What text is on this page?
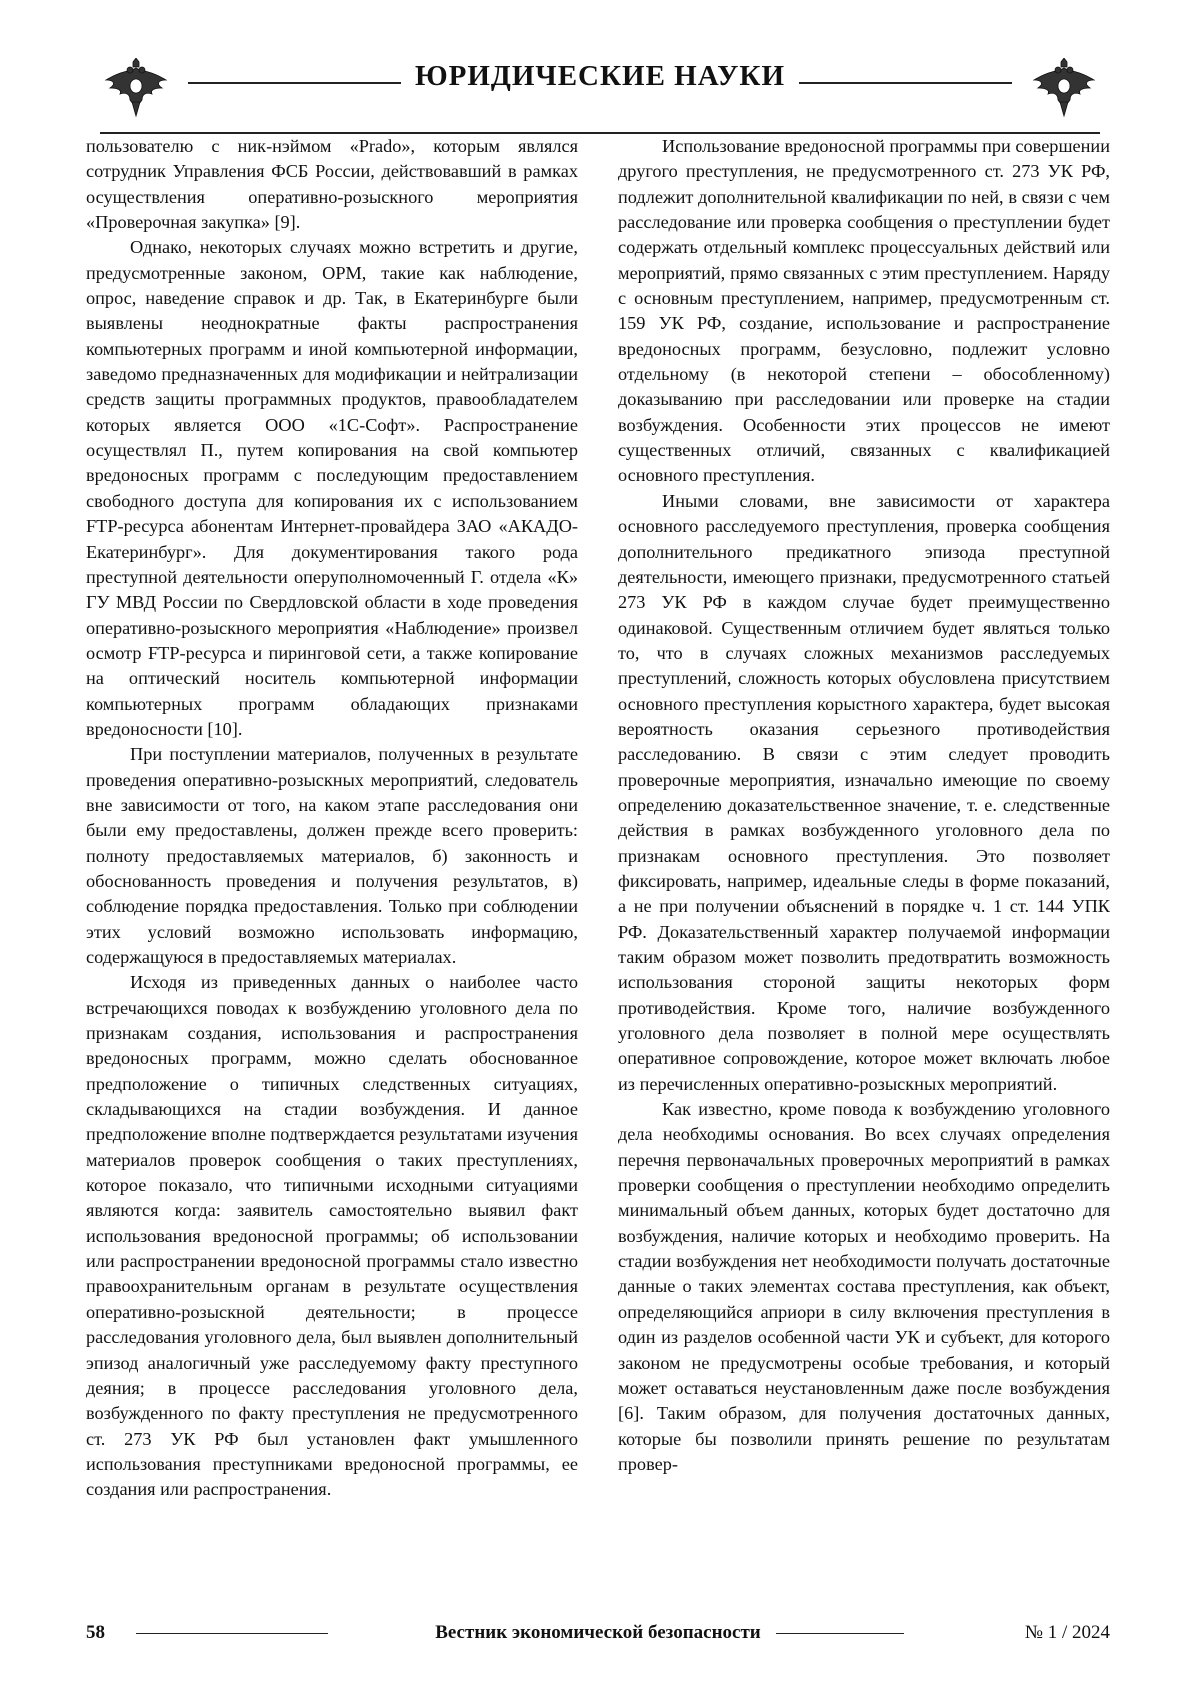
ЮРИДИЧЕСКИЕ НАУКИ

пользователю с ник-нэймом «Prado», которым являлся сотрудник Управления ФСБ России, действовавший в рамках осуществления оперативно-розыскного мероприятия «Проверочная закупка» [9].

Однако, некоторых случаях можно встретить и другие, предусмотренные законом, ОРМ, такие как наблюдение, опрос, наведение справок и др. Так, в Екатеринбурге были выявлены неоднократные факты распространения компьютерных программ и иной компьютерной информации, заведомо предназначенных для модификации и нейтрализации средств защиты программных продуктов, правообладателем которых является ООО «1С-Софт». Распространение осуществлял П., путем копирования на свой компьютер вредоносных программ с последующим предоставлением свободного доступа для копирования их с использованием FTP-ресурса абонентам Интернет-провайдера ЗАО «АКАДО-Екатеринбург». Для документирования такого рода преступной деятельности оперуполномоченный Г. отдела «К» ГУ МВД России по Свердловской области в ходе проведения оперативно-розыскного мероприятия «Наблюдение» произвел осмотр FTP-ресурса и пиринговой сети, а также копирование на оптический носитель компьютерной информации компьютерных программ обладающих признаками вредоносности [10].

При поступлении материалов, полученных в результате проведения оперативно-розыскных мероприятий, следователь вне зависимости от того, на каком этапе расследования они были ему предоставлены, должен прежде всего проверить: полноту предоставляемых материалов, б) законность и обоснованность проведения и получения результатов, в) соблюдение порядка предоставления. Только при соблюдении этих условий возможно использовать информацию, содержащуюся в предоставляемых материалах.

Исходя из приведенных данных о наиболее часто встречающихся поводах к возбуждению уголовного дела по признакам создания, использования и распространения вредоносных программ, можно сделать обоснованное предположение о типичных следственных ситуациях, складывающихся на стадии возбуждения. И данное предположение вполне подтверждается результатами изучения материалов проверок сообщения о таких преступлениях, которое показало, что типичными исходными ситуациями являются когда: заявитель самостоятельно выявил факт использования вредоносной программы; об использовании или распространении вредоносной программы стало известно правоохранительным органам в результате осуществления оперативно-розыскной деятельности; в процессе расследования уголовного дела, был выявлен дополнительный эпизод аналогичный уже расследуемому факту преступного деяния; в процессе расследования уголовного дела, возбужденного по факту преступления не предусмотренного ст. 273 УК РФ был установлен факт умышленного использования преступниками вредоносной программы, ее создания или распространения.

Использование вредоносной программы при совершении другого преступления, не предусмотренного ст. 273 УК РФ, подлежит дополнительной квалификации по ней, в связи с чем расследование или проверка сообщения о преступлении будет содержать отдельный комплекс процессуальных действий или мероприятий, прямо связанных с этим преступлением. Наряду с основным преступлением, например, предусмотренным ст. 159 УК РФ, создание, использование и распространение вредоносных программ, безусловно, подлежит условно отдельному (в некоторой степени – обособленному) доказыванию при расследовании или проверке на стадии возбуждения. Особенности этих процессов не имеют существенных отличий, связанных с квалификацией основного преступления.

Иными словами, вне зависимости от характера основного расследуемого преступления, проверка сообщения дополнительного предикатного эпизода преступной деятельности, имеющего признаки, предусмотренного статьей 273 УК РФ в каждом случае будет преимущественно одинаковой. Существенным отличием будет являться только то, что в случаях сложных механизмов расследуемых преступлений, сложность которых обусловлена присутствием основного преступления корыстного характера, будет высокая вероятность оказания серьезного противодействия расследованию. В связи с этим следует проводить проверочные мероприятия, изначально имеющие по своему определению доказательственное значение, т. е. следственные действия в рамках возбужденного уголовного дела по признакам основного преступления. Это позволяет фиксировать, например, идеальные следы в форме показаний, а не при получении объяснений в порядке ч. 1 ст. 144 УПК РФ. Доказательственный характер получаемой информации таким образом может позволить предотвратить возможность использования стороной защиты некоторых форм противодействия. Кроме того, наличие возбужденного уголовного дела позволяет в полной мере осуществлять оперативное сопровождение, которое может включать любое из перечисленных оперативно-розыскных мероприятий.

Как известно, кроме повода к возбуждению уголовного дела необходимы основания. Во всех случаях определения перечня первоначальных проверочных мероприятий в рамках проверки сообщения о преступлении необходимо определить минимальный объем данных, которых будет достаточно для возбуждения, наличие которых и необходимо проверить. На стадии возбуждения нет необходимости получать достаточные данные о таких элементах состава преступления, как объект, определяющийся априори в силу включения преступления в один из разделов особенной части УК и субъект, для которого законом не предусмотрены особые требования, и который может оставаться неустановленным даже после возбуждения [6]. Таким образом, для получения достаточных данных, которые бы позволили принять решение по результатам провер-

58	Вестник экономической безопасности	№ 1 / 2024
